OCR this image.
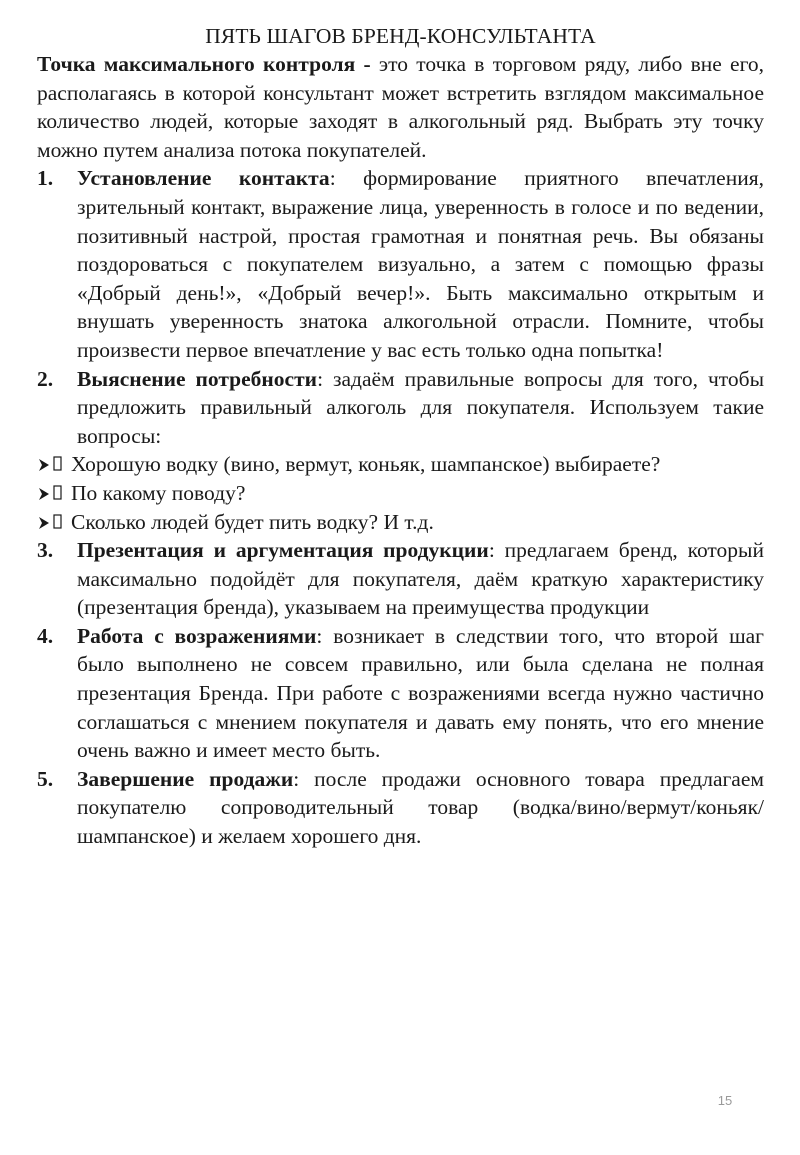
ПЯТЬ ШАГОВ БРЕНД-КОНСУЛЬТАНТА

Точка максимального контроля - это точка в торговом ряду, либо вне его, располагаясь в которой консультант может встретить взглядом максимальное количество людей, которые заходят в алкогольный ряд. Выбрать эту точку можно путем анализа потока покупателей.

1. Установление контакта: формирование приятного впечатления, зрительный контакт, выражение лица, уверенность в голосе и по ведении, позитивный настрой, простая грамотная и понятная речь. Вы обязаны поздороваться с покупателем визуально, а затем с помощью фразы «Добрый день!», «Добрый вечер!». Быть максимально открытым и внушать уверенность знатока алкогольной отрасли. Помните, чтобы произвести первое впечатление у вас есть только одна попытка!
2. Выяснение потребности: задаём правильные вопросы для того, чтобы предложить правильный алкоголь для покупателя. Используем такие вопросы:
Хорошую водку (вино, вермут, коньяк, шампанское) выбираете?
По какому поводу?
Сколько людей будет пить водку? И т.д.
3. Презентация и аргументация продукции: предлагаем бренд, который максимально подойдёт для покупателя, даём краткую характеристику (презентация бренда), указываем на преимущества продукции
4. Работа с возражениями: возникает в следствии того, что второй шаг было выполнено не совсем правильно, или была сделана не полная презентация Бренда. При работе с возражениями всегда нужно частично соглашаться с мнением покупателя и давать ему понять, что его мнение очень важно и имеет место быть.
5. Завершение продажи: после продажи основного товара предлагаем покупателю сопроводительный товар (водка/вино/вермут/коньяк/шампанское) и желаем хорошего дня.
15
